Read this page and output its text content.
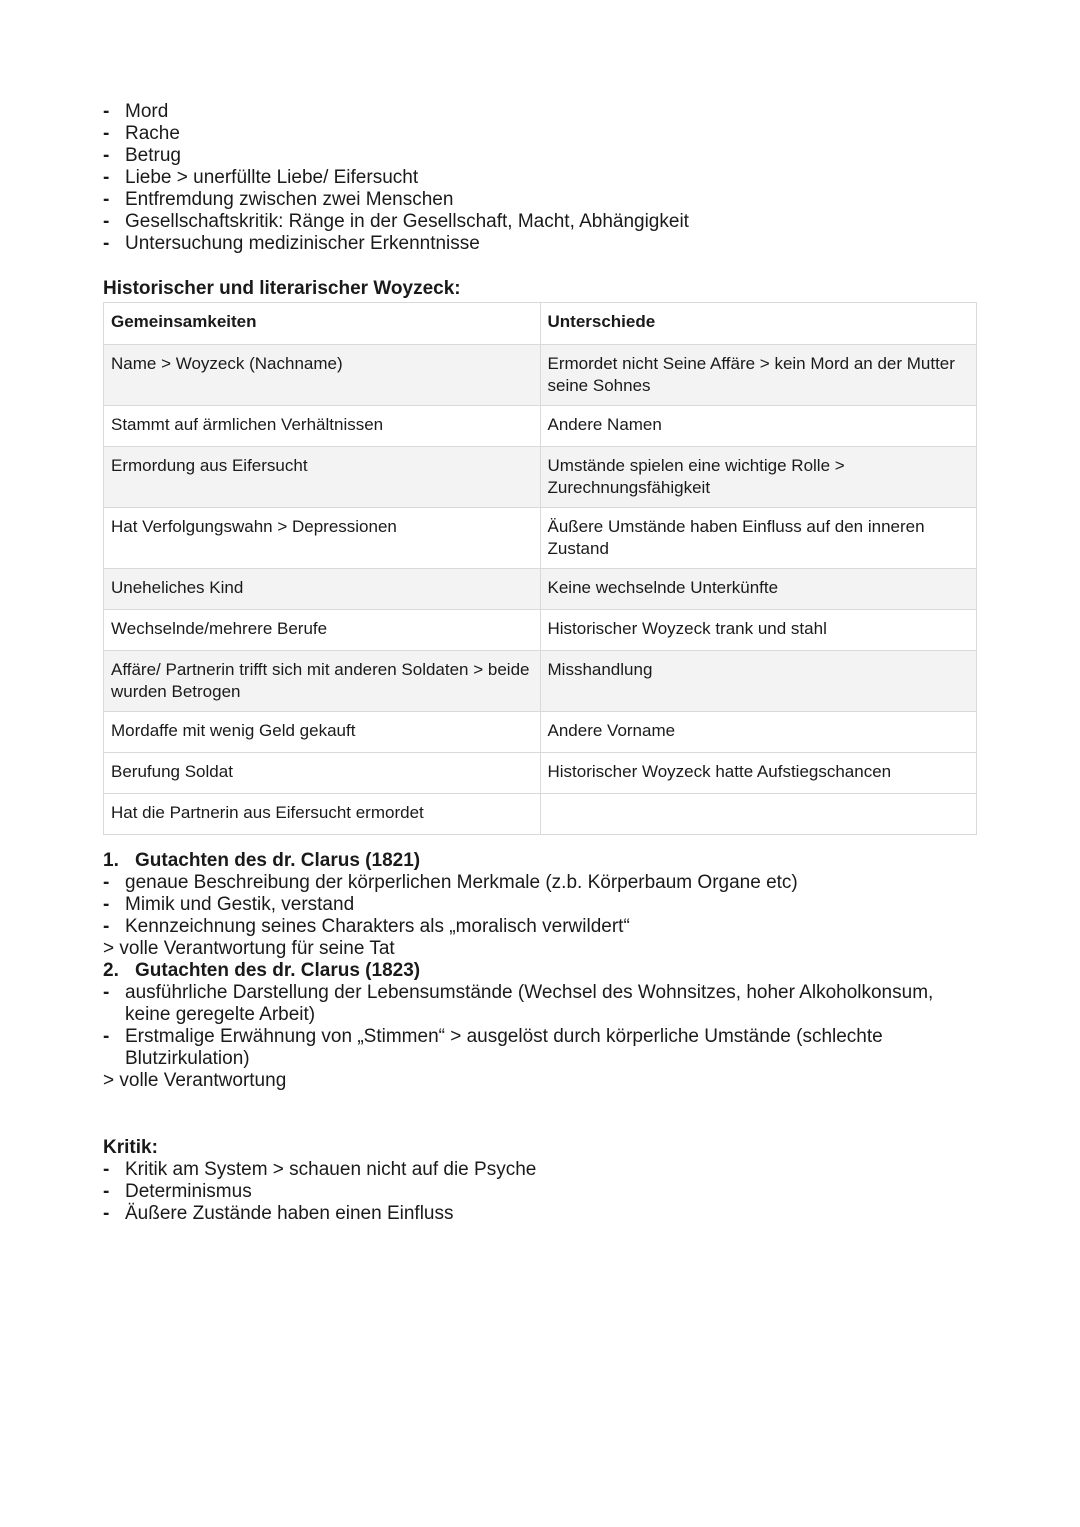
- Mord
- Rache
- Betrug
- Liebe > unerfüllte Liebe/ Eifersucht
- Entfremdung zwischen zwei Menschen
- Gesellschaftskritik: Ränge in der Gesellschaft, Macht, Abhängigkeit
- Untersuchung medizinischer Erkenntnisse
Historischer und literarischer Woyzeck:
Gemeinsamkeiten	Unterschiede
Name > Woyzeck (Nachname)	Ermordet nicht Seine Affäre > kein Mord an der Mutter seine Sohnes
Stammt auf ärmlichen Verhältnissen	Andere Namen
Ermordung aus Eifersucht	Umstände spielen eine wichtige Rolle > Zurechnungsfähigkeit
Hat Verfolgungswahn > Depressionen	Äußere Umstände haben Einfluss auf den inneren Zustand
Uneheliches Kind	Keine wechselnde Unterkünfte
Wechselnde/mehrere Berufe	Historischer Woyzeck trank und stahl
Affäre/ Partnerin trifft sich mit anderen Soldaten > beide wurden Betrogen	Misshandlung
Mordaffe mit wenig Geld gekauft	Andere Vorname
Berufung Soldat	Historischer Woyzeck hatte Aufstiegschancen
Hat die Partnerin aus Eifersucht ermordet	
1. Gutachten des dr. Clarus (1821)
- genaue Beschreibung der körperlichen Merkmale (z.b. Körperbaum Organe etc)
- Mimik und Gestik, verstand
- Kennzeichnung seines Charakters als „moralisch verwildert“
> volle Verantwortung für seine Tat
2. Gutachten des dr. Clarus (1823)
- ausführliche Darstellung der Lebensumstände (Wechsel des Wohnsitzes, hoher Alkoholkonsum, keine geregelte Arbeit)
- Erstmalige Erwähnung von „Stimmen“ > ausgelöst durch körperliche Umstände (schlechte Blutzirkulation)
> volle Verantwortung
Kritik:
- Kritik am System > schauen nicht auf die Psyche
- Determinismus
- Äußere Zustände haben einen Einfluss
